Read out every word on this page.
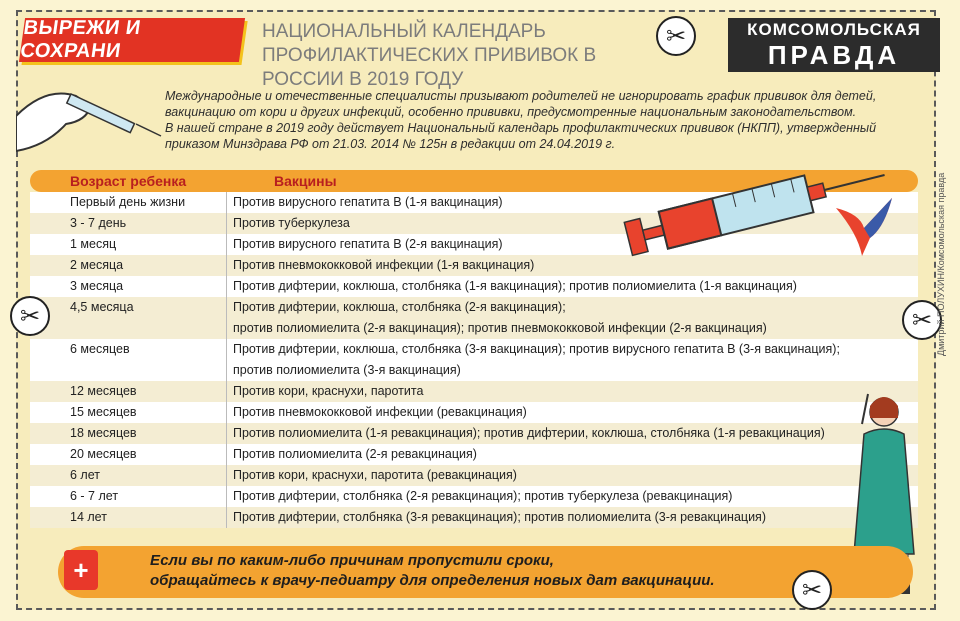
ВЫРЕЖИ И СОХРАНИ
НАЦИОНАЛЬНЫЙ КАЛЕНДАРЬ ПРОФИЛАКТИЧЕСКИХ ПРИВИВОК В РОССИИ В 2019 ГОДУ
✂	КОМСОМОЛЬСКАЯ
ПРАВДА

Международные и отечественные специалисты призывают родителей не игнорировать график прививок для детей, вакцинацию от кори и других инфекций, особенно прививки, предусмотренные национальным законодательством.

В нашей стране в 2019 году действует Национальный календарь профилактических прививок (НКПП), утвержденный приказом Минздрава РФ от 21.03. 2014 № 125н в редакции от 24.04.2019 г.

Возраст ребенка	Вакцины
Первый день жизни	Против вирусного гепатита В (1-я вакцинация)
3 - 7 день	Против туберкулеза
1 месяц	Против вирусного гепатита В (2-я вакцинация)
2 месяца	Против пневмококковой инфекции (1-я вакцинация)
3 месяца	Против дифтерии, коклюша, столбняка (1-я вакцинация); против полиомиелита (1-я вакцинация)
4,5 месяца	Против дифтерии, коклюша, столбняка (2-я вакцинация);
против полиомиелита (2-я вакцинация); против пневмококковой инфекции (2-я вакцинация)
6 месяцев	Против дифтерии, коклюша, столбняка (3-я вакцинация); против вирусного гепатита В (3-я вакцинация);
против полиомиелита (3-я вакцинация)
12 месяцев	Против кори, краснухи, паротита
15 месяцев	Против пневмококковой инфекции (ревакцинация)
18 месяцев	Против полиомиелита (1-я ревакцинация); против дифтерии, коклюша, столбняка (1-я ревакцинация)
20 месяцев	Против полиомиелита (2-я ревакцинация)
6 лет	Против кори, краснухи, паротита (ревакцинация)
6 - 7 лет	Против дифтерии, столбняка (2-я ревакцинация); против туберкулеза (ревакцинация)
14 лет	Против дифтерии, столбняка (3-я ревакцинация); против полиомиелита (3-я ревакцинация)
✂	✂
+	Если вы по каким-либо причинам пропустили сроки,
обращайтесь к врачу-педиатру для определения новых дат вакцинации.	✂
Дмитрий ПОЛУХИН/Комсомольская правда
